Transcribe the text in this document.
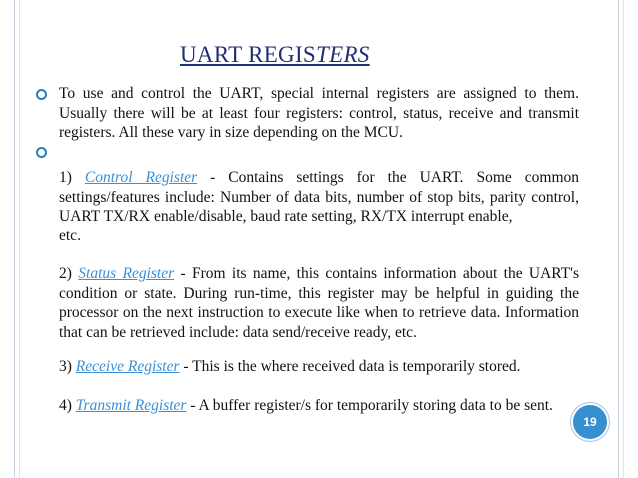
UART REGISTERS
To use and control the UART, special internal registers are assigned to them. Usually there will be at least four registers: control, status, receive and transmit registers. All these vary in size depending on the MCU.
1) Control Register - Contains settings for the UART. Some common settings/features include: Number of data bits, number of stop bits, parity control, UART TX/RX enable/disable, baud rate setting, RX/TX interrupt enable,
etc.
2) Status Register - From its name, this contains information about the UART's condition or state. During run-time, this register may be helpful in guiding the processor on the next instruction to execute like when to retrieve data. Information that can be retrieved include: data send/receive ready, etc.
3) Receive Register - This is the where received data is temporarily stored.
4) Transmit Register - A buffer register/s for temporarily storing data to be sent.
19
